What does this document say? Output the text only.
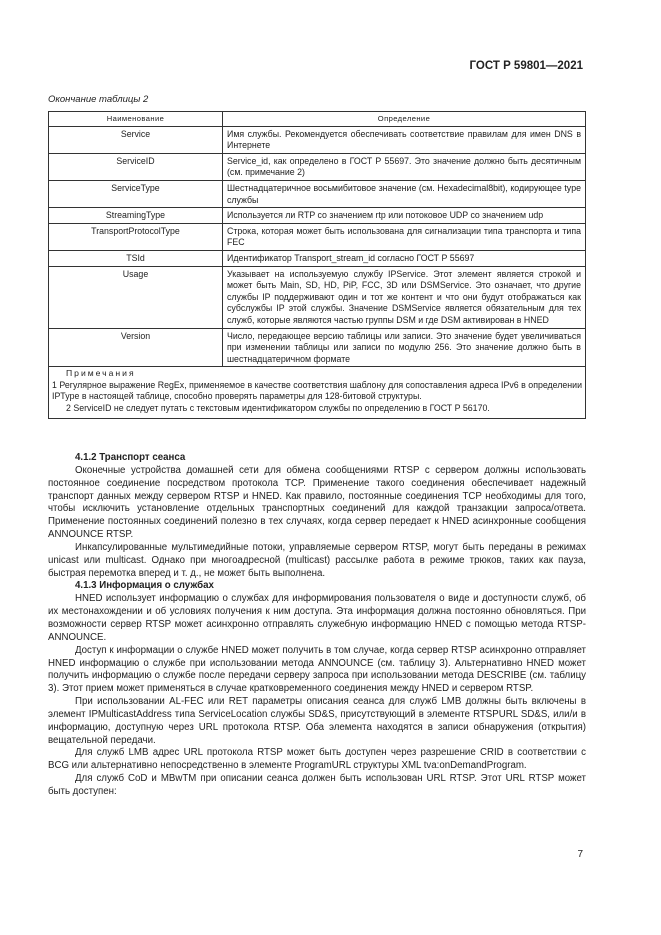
ГОСТ Р 59801—2021
Окончание таблицы 2
Наименование	Определение
Service	Имя службы. Рекомендуется обеспечивать соответствие правилам для имен DNS в Интернете
ServiceID	Service_id, как определено в ГОСТ Р 55697. Это значение должно быть десятичным (см. примечание 2)
ServiceType	Шестнадцатеричное восьмибитовое значение (см. Hexadecimal8bit), кодирующее type службы
StreamingType	Используется ли RTP со значением rtp или потоковое UDP со значением udp
TransportProtocolType	Строка, которая может быть использована для сигнализации типа транспорта и типа FEC
TSId	Идентификатор Transport_stream_id согласно ГОСТ Р 55697
Usage	Указывает на используемую службу IPService. Этот элемент является строкой и может быть Main, SD, HD, PiP, FCC, 3D или DSMService. Это означает, что другие службы IP поддерживают один и тот же контент и что они будут отображаться как субслужбы IP этой службы. Значение DSMService является обязательным для тех служб, которые являются частью группы DSM и где DSM активирован в HNED
Version	Число, передающее версию таблицы или записи. Это значение будет увеличиваться при изменении таблицы или записи по модулю 256. Это значение должно быть в шестнадцатеричном формате

Примечания

1 Регулярное выражение RegEx, применяемое в качестве соответствия шаблону для сопоставления адреса IPv6 в определении IPType в настоящей таблице, способно проверять параметры для 128-битовой структуры.

2 ServiceID не следует путать с текстовым идентификатором службы по определению в ГОСТ Р 56170.	

4.1.2 Транспорт сеанса

Оконечные устройства домашней сети для обмена сообщениями RTSP с сервером должны использовать постоянное соединение посредством протокола TCP. Применение такого соединения обеспечивает надежный транспорт данных между сервером RTSP и HNED. Как правило, постоянные соединения TCP необходимы для того, чтобы исключить установление отдельных транспортных соединений для каждой транзакции запроса/ответа. Применение постоянных соединений полезно в тех случаях, когда сервер передает к HNED асинхронные сообщения ANNOUNCE RTSP.

Инкапсулированные мультимедийные потоки, управляемые сервером RTSP, могут быть переданы в режимах unicast или multicast. Однако при многоадресной (multicast) рассылке работа в режиме трюков, таких как пауза, быстрая перемотка вперед и т. д., не может быть выполнена.

4.1.3 Информация о службах

HNED использует информацию о службах для информирования пользователя о виде и доступности служб, об их местонахождении и об условиях получения к ним доступа. Эта информация должна постоянно обновляться. При возможности сервер RTSP может асинхронно отправлять служебную информацию HNED с помощью метода RTSP-ANNOUNCE.

Доступ к информации о службе HNED может получить в том случае, когда сервер RTSP асинхронно отправляет HNED информацию о службе при использовании метода ANNOUNCE (см. таблицу 3). Альтернативно HNED может получить информацию о службе после передачи серверу запроса при использовании метода DESCRIBE (см. таблицу 3). Этот прием может применяться в случае кратковременного соединения между HNED и сервером RTSP.

При использовании AL-FEC или RET параметры описания сеанса для служб LMB должны быть включены в элемент IPMulticastAddress типа ServiceLocation службы SD&S, присутствующий в элементе RTSPURL SD&S, или/и в информацию, доступную через URL протокола RTSP. Оба элемента находятся в записи обнаружения (открытия) вещательной передачи.

Для служб LMB адрес URL протокола RTSP может быть доступен через разрешение CRID в соответствии с BCG или альтернативно непосредственно в элементе ProgramURL структуры XML tva:onDemandProgram.

Для служб CoD и MBwTM при описании сеанса должен быть использован URL RTSP. Этот URL RTSP может быть доступен:

7
